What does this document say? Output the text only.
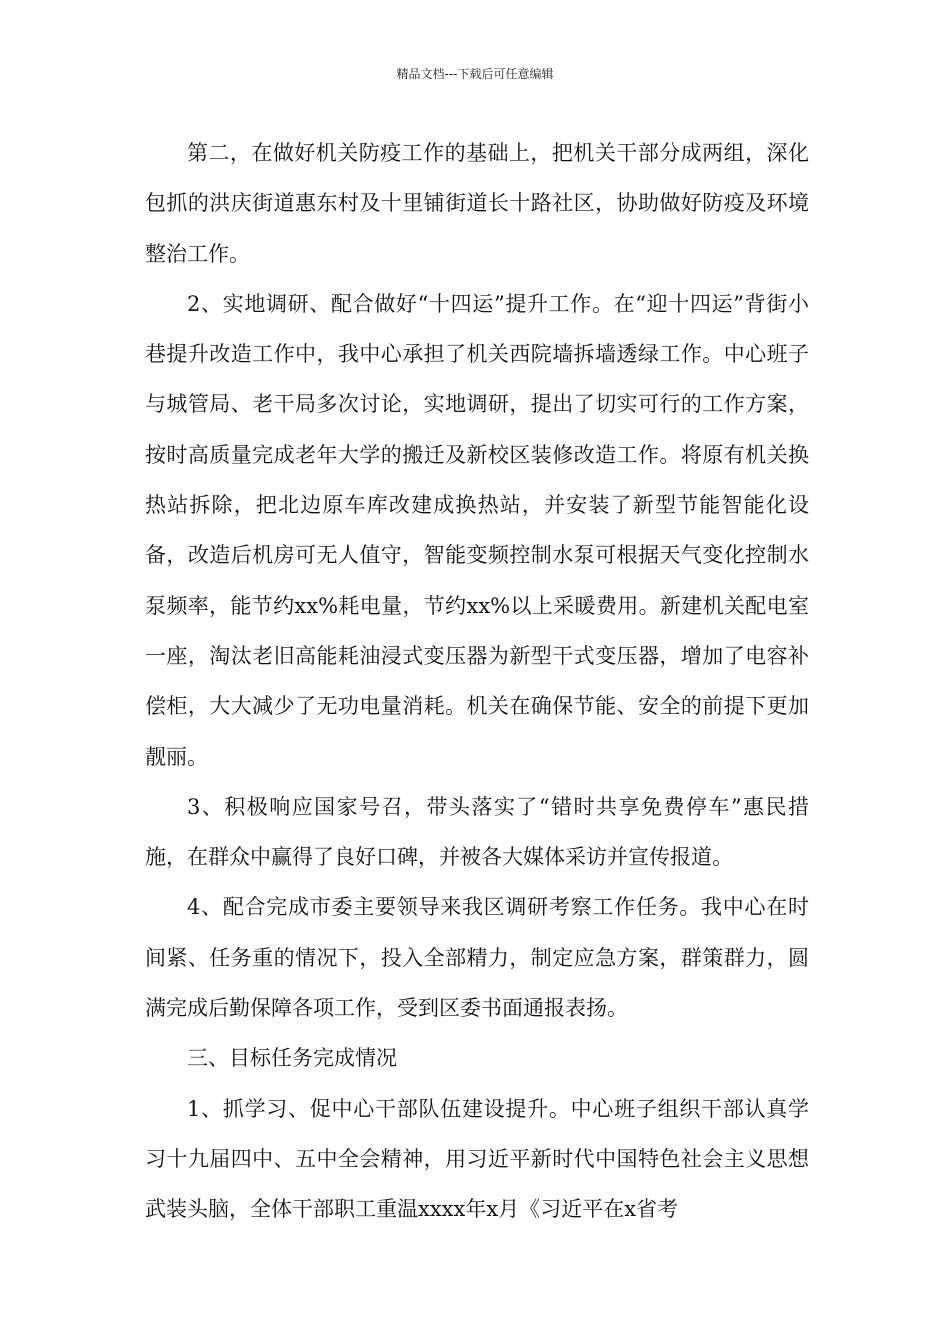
精品文档---下载后可任意编辑

第二，在做好机关防疫工作的基础上，把机关干部分成两组，深化包抓的洪庆街道惠东村及十里铺街道长十路社区，协助做好防疫及环境整治工作。

2、实地调研、配合做好“十四运”提升工作。在“迎十四运”背街小巷提升改造工作中，我中心承担了机关西院墙拆墙透绿工作。中心班子与城管局、老干局多次讨论，实地调研，提出了切实可行的工作方案，按时高质量完成老年大学的搬迁及新校区装修改造工作。将原有机关换热站拆除，把北边原车库改建成换热站，并安装了新型节能智能化设备，改造后机房可无人值守，智能变频控制水泵可根据天气变化控制水泵频率，能节约xx%耗电量，节约xx%以上采暖费用。新建机关配电室一座，淘汰老旧高能耗油浸式变压器为新型干式变压器，增加了电容补偿柜，大大减少了无功电量消耗。机关在确保节能、安全的前提下更加靓丽。

3、积极响应国家号召，带头落实了“错时共享免费停车”惠民措施，在群众中赢得了良好口碑，并被各大媒体采访并宣传报道。

4、配合完成市委主要领导来我区调研考察工作任务。我中心在时间紧、任务重的情况下，投入全部精力，制定应急方案，群策群力，圆满完成后勤保障各项工作，受到区委书面通报表扬。

三、目标任务完成情况

1、抓学习、促中心干部队伍建设提升。中心班子组织干部认真学习十九届四中、五中全会精神，用习近平新时代中国特色社会主义思想武装头脑，全体干部职工重温xxxx年x月《习近平在x省考
